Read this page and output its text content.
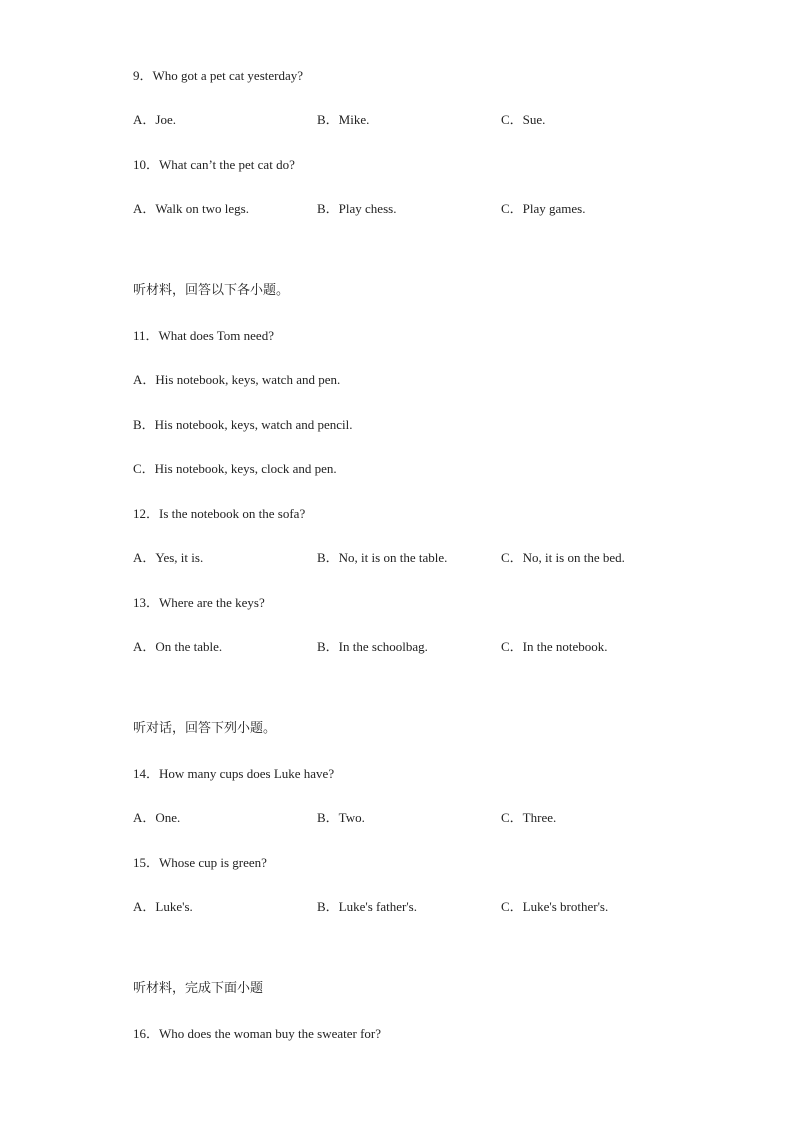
9．Who got a pet cat yesterday?
A．Joe.	B．Mike.	C．Sue.
10．What can’t the pet cat do?
A．Walk on two legs.	B．Play chess.	C．Play games.
听材料，回答以下各小题。
11．What does Tom need?
A．His notebook, keys, watch and pen.
B．His notebook, keys, watch and pencil.
C．His notebook, keys, clock and pen.
12．Is the notebook on the sofa?
A．Yes, it is.	B．No, it is on the table.	C．No, it is on the bed.
13．Where are the keys?
A．On the table.	B．In the schoolbag.	C．In the notebook.
听对话，回答下列小题。
14．How many cups does Luke have?
A．One.	B．Two.	C．Three.
15．Whose cup is green?
A．Luke's.	B．Luke's father's.	C．Luke's brother's.
听材料，完成下面小题
16．Who does the woman buy the sweater for?
